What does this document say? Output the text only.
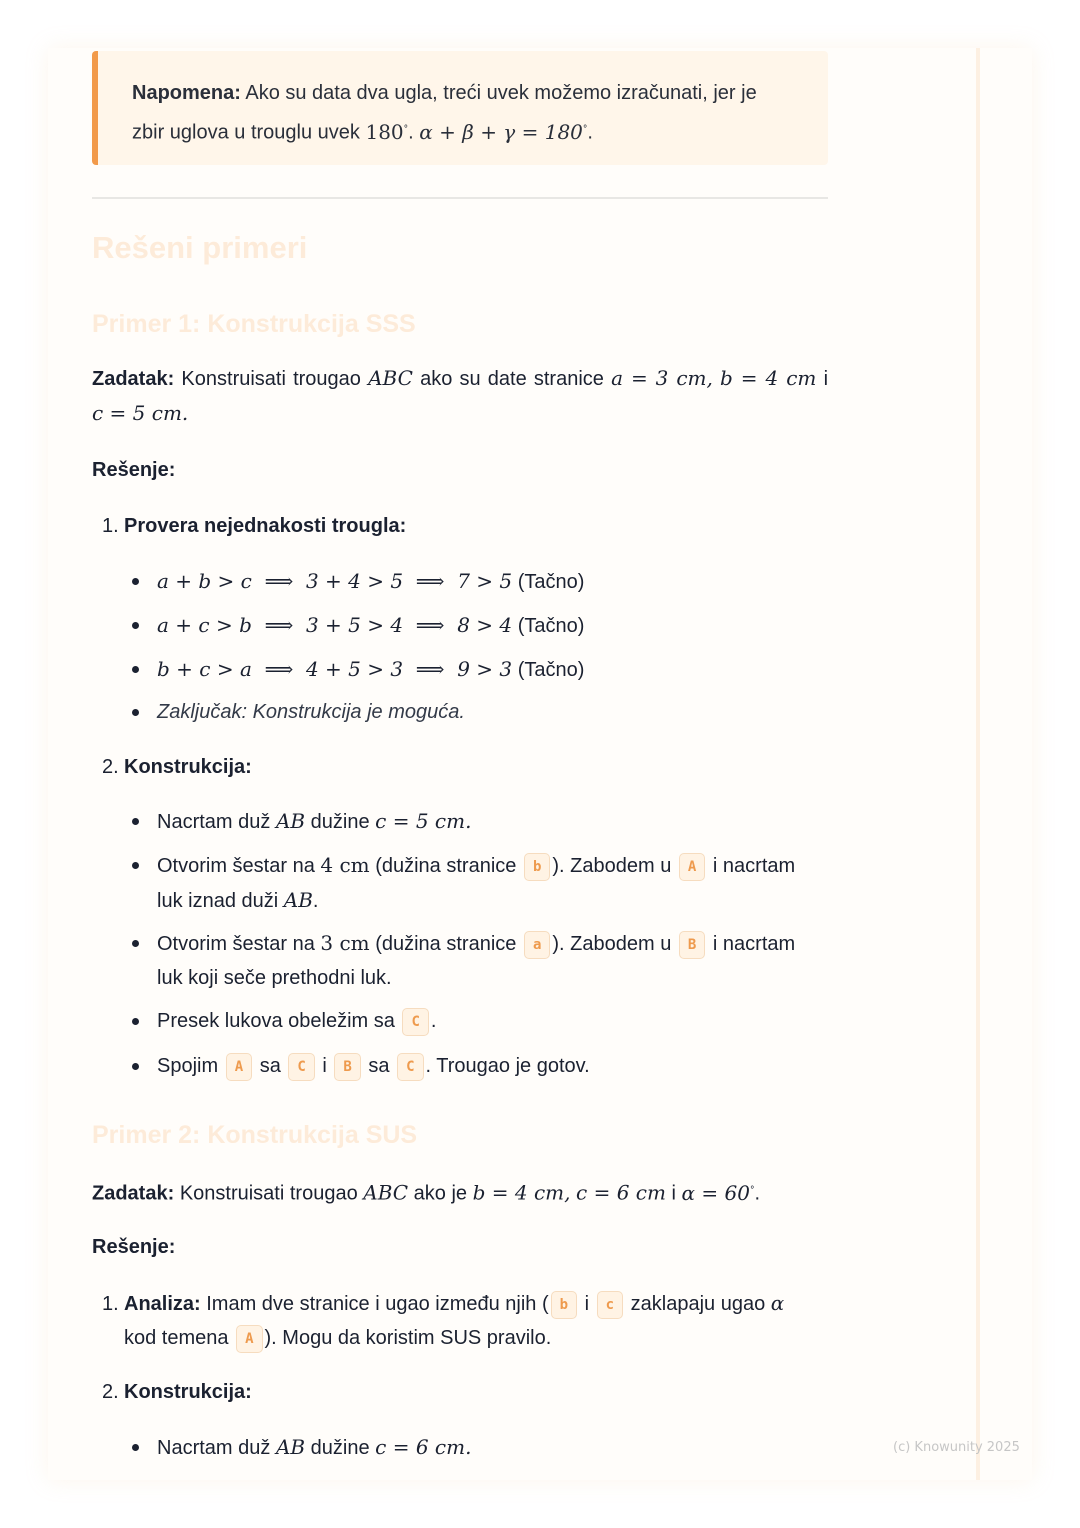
Napomena: Ako su data dva ugla, treći uvek možemo izračunati, jer je
zbir uglova u trouglu uvek 180°. α + β + γ = 180°.
Rešeni primeri
Primer 1: Konstrukcija SSS
Zadatak: Konstruisati trougao ABC ako su date stranice a = 3 cm, b = 4 cm i
c = 5 cm.
Rešenje:
1. Provera nejednakosti trougla:
a + b > c  ⟹  3 + 4 > 5  ⟹  7 > 5 (Tačno)
a + c > b  ⟹  3 + 5 > 4  ⟹  8 > 4 (Tačno)
b + c > a  ⟹  4 + 5 > 3  ⟹  9 > 3 (Tačno)
Zaključak: Konstrukcija je moguća.
2. Konstrukcija:
Nacrtam duž AB dužine c = 5 cm.
Otvorim šestar na 4 cm (dužina stranice b ). Zabodem u A i nacrtam
luk iznad duži AB.
Otvorim šestar na 3 cm (dužina stranice a ). Zabodem u B i nacrtam
luk koji seče prethodni luk.
Presek lukova obeležim sa C .
Spojim A sa C i B sa C . Trougao je gotov.
Primer 2: Konstrukcija SUS
Zadatak: Konstruisati trougao ABC ako je b = 4 cm, c = 6 cm i α = 60°.
Rešenje:
1. Analiza: Imam dve stranice i ugao između njih ( b i c zaklapaju ugao α
kod temena A ). Mogu da koristim SUS pravilo.
2. Konstrukcija:
Nacrtam duž AB dužine c = 6 cm.	(c) Knowunity 2025
